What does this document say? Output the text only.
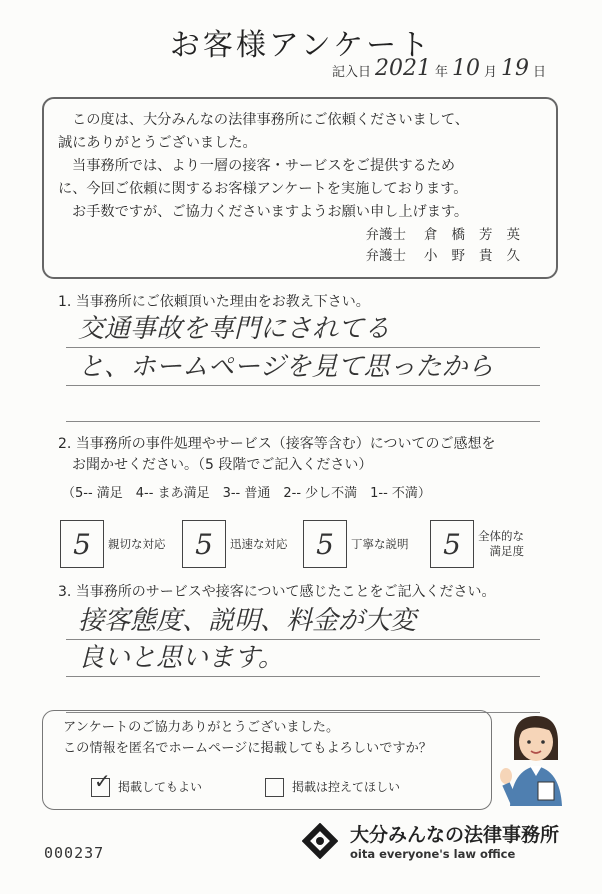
お客様アンケート
記入日 2021 年 10 月 19 日

この度は、大分みんなの法律事務所にご依頼くださいまして、

誠にありがとうございました。

当事務所では、より一層の接客・サービスをご提供するため

に、今回ご依頼に関するお客様アンケートを実施しております。

お手数ですが、ご協力くださいますようお願い申し上げます。

弁護士 倉橋芳英
弁護士 小野貴久
1. 当事務所にご依頼頂いた理由をお教え下さい。
交通事故を専門にされてる
と、ホームページを見て思ったから
2. 当事務所の事件処理やサービス（接客等含む）についてのご感想を
お聞かせください。（5 段階でご記入ください）
（5‐‐ 満足　4‐‐ まあ満足　3‐‐ 普通　2‐‐ 少し不満　1‐‐ 不満）
5 親切な対応 5 迅速な対応 5 丁寧な説明 5 全体的な
満足度
3. 当事務所のサービスや接客について感じたことをご記入ください。
接客態度、説明、料金が大変
良いと思います。

アンケートのご協力ありがとうございました。

この情報を匿名でホームページに掲載してもよろしいですか？

✓ 掲載してもよい	掲載は控えてほしい
000237
大分みんなの法律事務所
oita everyone's law office
